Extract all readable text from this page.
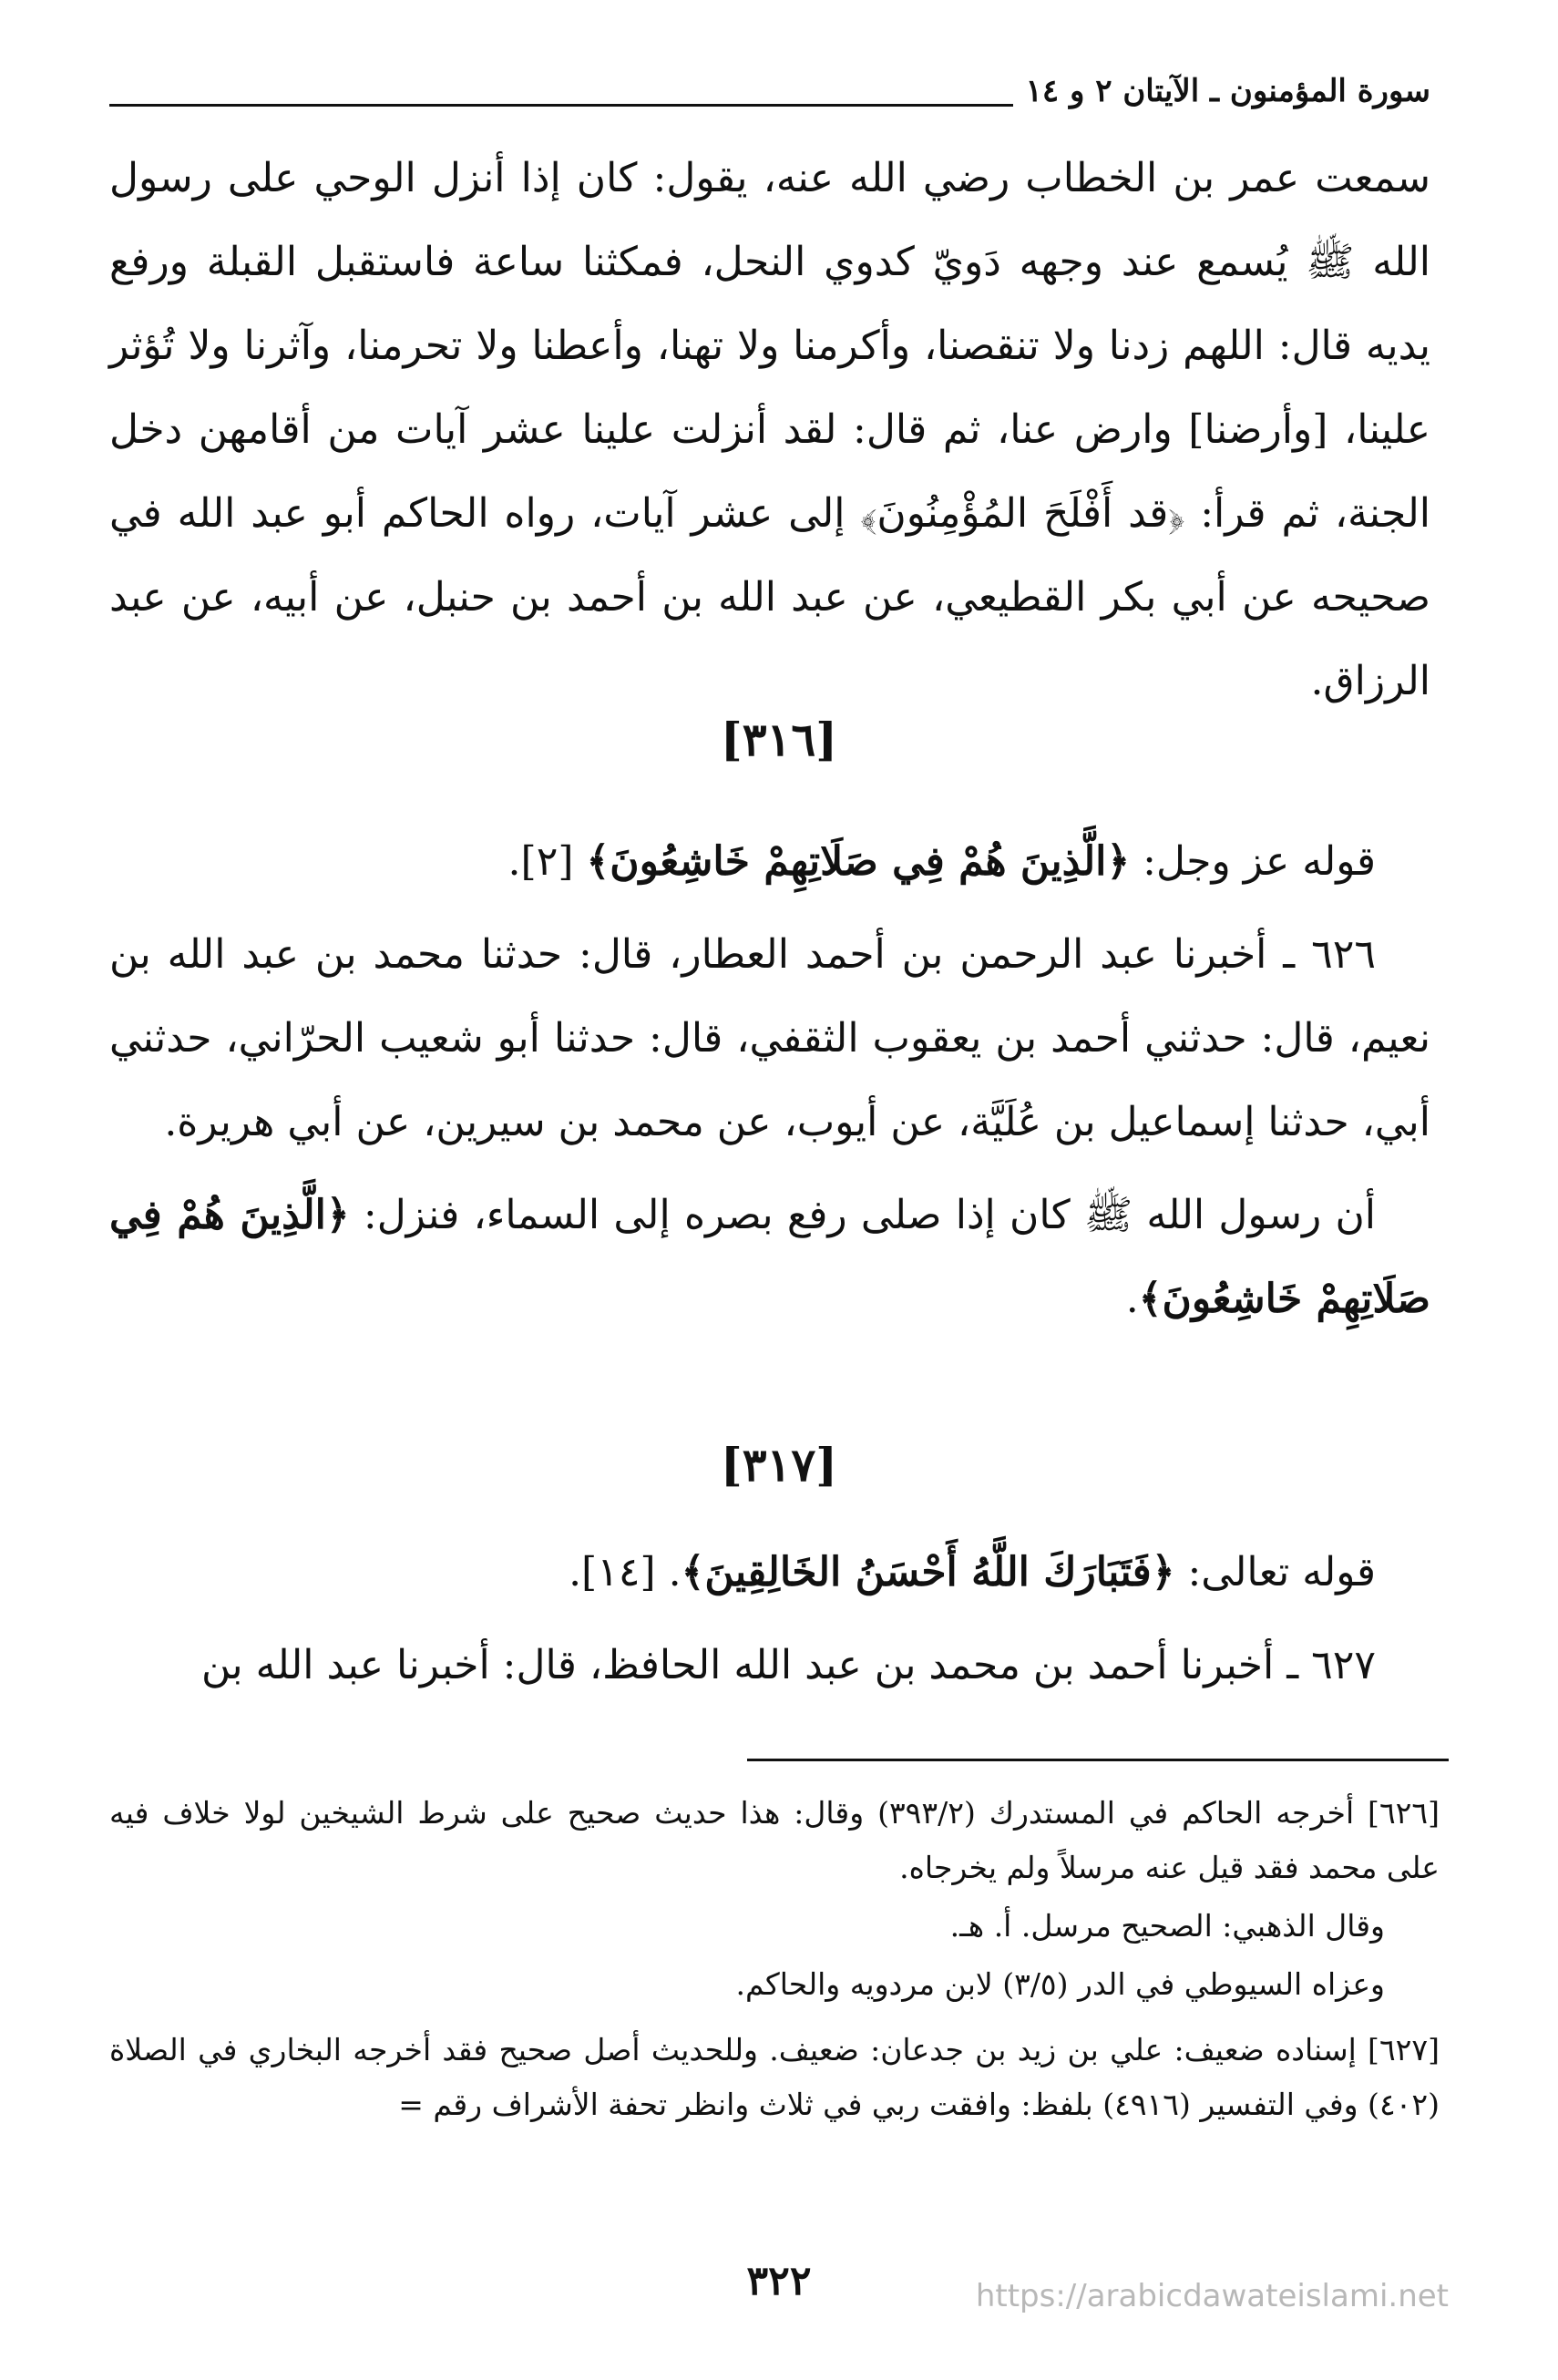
سورة المؤمنون ـ الآيتان ٢ و ١٤

سمعت عمر بن الخطاب رضي الله عنه، يقول: كان إذا أنزل الوحي على رسول الله ﷺ يُسمع عند وجهه دَويّ كدوي النحل، فمكثنا ساعة فاستقبل القبلة ورفع يديه قال: اللهم زدنا ولا تنقصنا، وأكرمنا ولا تهنا، وأعطنا ولا تحرمنا، وآثرنا ولا تُؤثر علينا، [وأرضنا] وارض عنا، ثم قال: لقد أنزلت علينا عشر آيات من أقامهن دخل الجنة، ثم قرأ: ﴿قد أَفْلَحَ المُؤْمِنُونَ﴾ إلى عشر آيات، رواه الحاكم أبو عبد الله في صحيحه عن أبي بكر القطيعي، عن عبد الله بن أحمد بن حنبل، عن أبيه، عن عبد الرزاق.

[٣١٦]

قوله عز وجل: ﴿الَّذِينَ هُمْ فِي صَلَاتِهِمْ خَاشِعُونَ﴾ [٢].

٦٢٦ ـ أخبرنا عبد الرحمن بن أحمد العطار، قال: حدثنا محمد بن عبد الله بن نعيم، قال: حدثني أحمد بن يعقوب الثقفي، قال: حدثنا أبو شعيب الحرّاني، حدثني أبي، حدثنا إسماعيل بن عُلَيَّة، عن أيوب، عن محمد بن سيرين، عن أبي هريرة.

أن رسول الله ﷺ كان إذا صلى رفع بصره إلى السماء، فنزل: ﴿الَّذِينَ هُمْ فِي صَلَاتِهِمْ خَاشِعُونَ﴾.

[٣١٧]

قوله تعالى: ﴿فَتَبَارَكَ اللَّهُ أَحْسَنُ الخَالِقِينَ﴾. [١٤].

٦٢٧ ـ أخبرنا أحمد بن محمد بن عبد الله الحافظ، قال: أخبرنا عبد الله بن

[٦٢٦] أخرجه الحاكم في المستدرك (٣٩٣/٢) وقال: هذا حديث صحيح على شرط الشيخين لولا خلاف فيه على محمد فقد قيل عنه مرسلاً ولم يخرجاه.

وقال الذهبي: الصحيح مرسل. أ. هـ.

وعزاه السيوطي في الدر (٣/٥) لابن مردويه والحاكم.

[٦٢٧] إسناده ضعيف: علي بن زيد بن جدعان: ضعيف. وللحديث أصل صحيح فقد أخرجه البخاري في الصلاة (٤٠٢) وفي التفسير (٤٩١٦) بلفظ: وافقت ربي في ثلاث وانظر تحفة الأشراف رقم =

٣٢٢	https://arabicdawateislami.net
